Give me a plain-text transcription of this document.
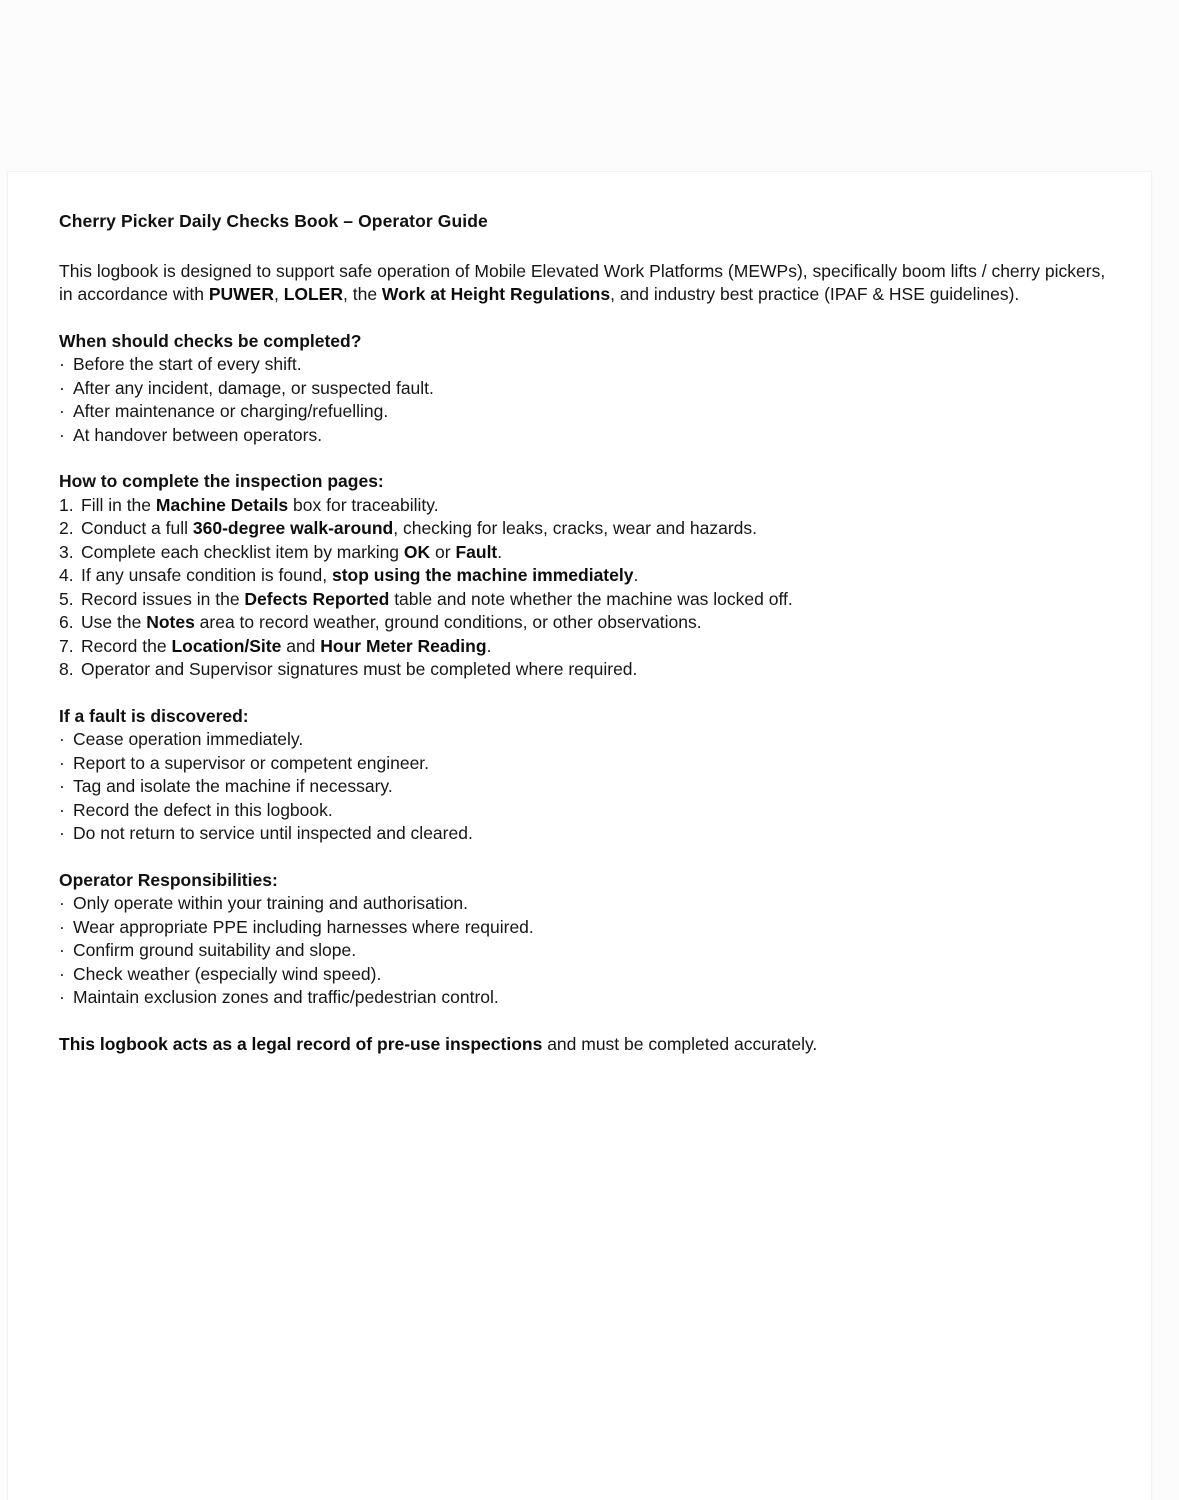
Cherry Picker Daily Checks Book – Operator Guide

This logbook is designed to support safe operation of Mobile Elevated Work Platforms (MEWPs), specifically boom lifts / cherry pickers, in accordance with PUWER, LOLER, the Work at Height Regulations, and industry best practice (IPAF & HSE guidelines).

When should checks be completed?
· Before the start of every shift.
· After any incident, damage, or suspected fault.
· After maintenance or charging/refuelling.
· At handover between operators.
How to complete the inspection pages:
1. Fill in the Machine Details box for traceability.
2. Conduct a full 360-degree walk-around, checking for leaks, cracks, wear and hazards.
3. Complete each checklist item by marking OK or Fault.
4. If any unsafe condition is found, stop using the machine immediately.
5. Record issues in the Defects Reported table and note whether the machine was locked off.
6. Use the Notes area to record weather, ground conditions, or other observations.
7. Record the Location/Site and Hour Meter Reading.
8. Operator and Supervisor signatures must be completed where required.
If a fault is discovered:
· Cease operation immediately.
· Report to a supervisor or competent engineer.
· Tag and isolate the machine if necessary.
· Record the defect in this logbook.
· Do not return to service until inspected and cleared.
Operator Responsibilities:
· Only operate within your training and authorisation.
· Wear appropriate PPE including harnesses where required.
· Confirm ground suitability and slope.
· Check weather (especially wind speed).
· Maintain exclusion zones and traffic/pedestrian control.

This logbook acts as a legal record of pre-use inspections and must be completed accurately.
